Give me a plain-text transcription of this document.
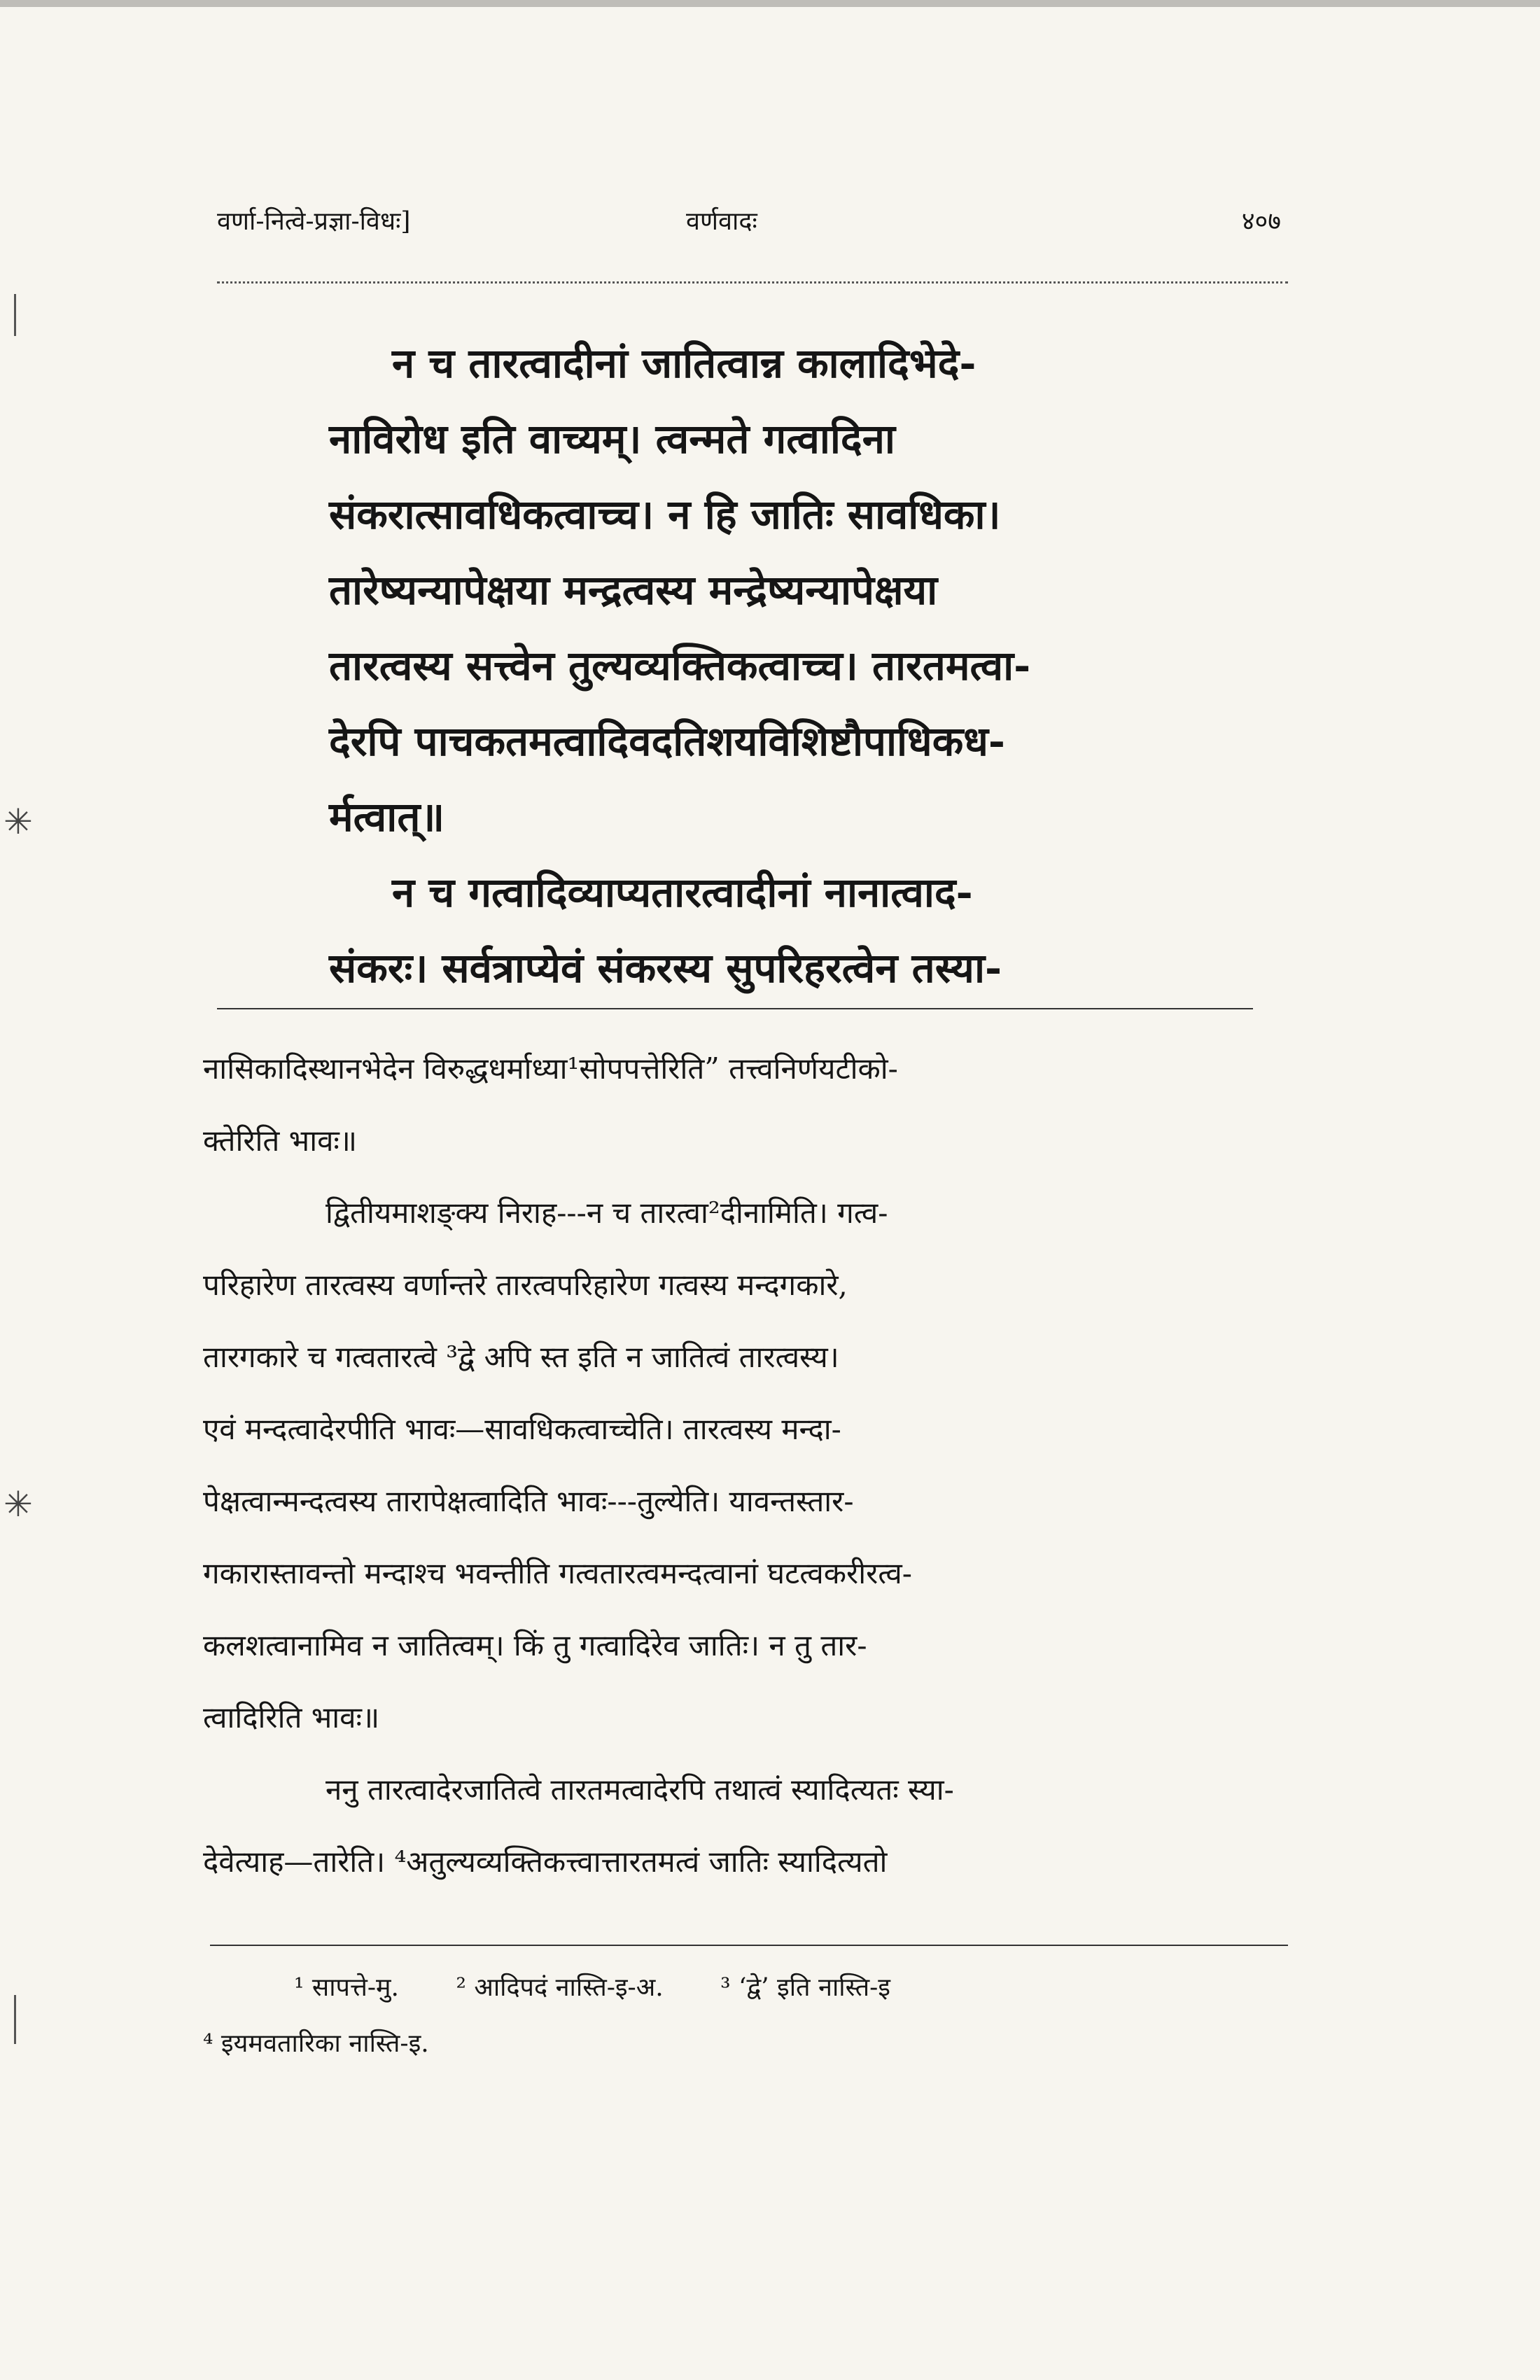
वर्णा-नित्वे-प्रज्ञा-विधः]	वर्णवादः	४०७

न च तारत्वादीनां जातित्वान्न कालादिभेदे-
नाविरोध इति वाच्यम्। त्वन्मते गत्वादिना
संकरात्सावधिकत्वाच्च। न हि जातिः सावधिका।
तारेष्यन्यापेक्षया मन्द्रत्वस्य मन्द्रेष्यन्यापेक्षया
तारत्वस्य सत्त्वेन तुल्यव्यक्तिकत्वाच्च। तारतमत्वा-
देरपि पाचकतमत्वादिवदतिशयविशिष्टौपाधिकध-
र्मत्वात्॥

न च गत्वादिव्याप्यतारत्वादीनां नानात्वाद-
संकरः। सर्वत्राप्येवं संकरस्य सुपरिहरत्वेन तस्या-

नासिकादिस्थानभेदेन विरुद्धधर्माध्या¹सोपपत्तेरिति” तत्त्वनिर्णयटीको-
क्तेरिति भावः॥
द्वितीयमाशङ्क्य निराह---न च तारत्वा²दीनामिति। गत्व-
परिहारेण तारत्वस्य वर्णान्तरे तारत्वपरिहारेण गत्वस्य मन्दगकारे,
तारगकारे च गत्वतारत्वे ³द्वे अपि स्त इति न जातित्वं तारत्वस्य।
एवं मन्दत्वादेरपीति भावः—सावधिकत्वाच्चेति। तारत्वस्य मन्दा-
पेक्षत्वान्मन्दत्वस्य तारापेक्षत्वादिति भावः---तुल्येति। यावन्तस्तार-
गकारास्तावन्तो मन्दाश्च भवन्तीति गत्वतारत्वमन्दत्वानां घटत्वकरीरत्व-
कलशत्वानामिव न जातित्वम्। किं तु गत्वादिरेव जातिः। न तु तार-
त्वादिरिति भावः॥
ननु तारत्वादेरजातित्वे तारतमत्वादेरपि तथात्वं स्यादित्यतः स्या-
देवेत्याह—तारेति। ⁴अतुल्यव्यक्तिकत्त्वात्तारतमत्वं जातिः स्यादित्यतो
¹ सापत्ते-मु. ² आदिपदं नास्ति-इ-अ. ³ ‘द्वे’ इति नास्ति-इ
⁴ इयमवतारिका नास्ति-इ.
✳
✳
